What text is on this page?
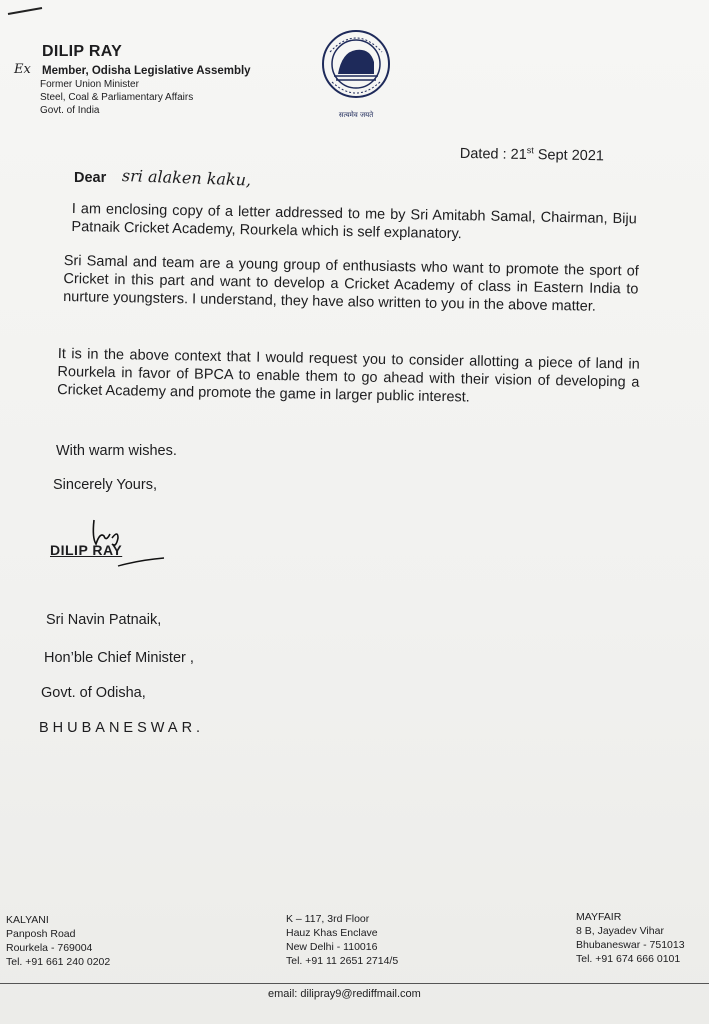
DILIP RAY
Ex Member, Odisha Legislative Assembly
Former Union Minister
Steel, Coal & Parliamentary Affairs
Govt. of India	सत्यमेव जयते
Dated : 21st Sept 2021
Dear sri alaken kaku,
I am enclosing copy of a letter addressed to me by Sri Amitabh Samal, Chairman, Biju Patnaik Cricket Academy, Rourkela which is self explanatory.
Sri Samal and team are a young group of enthusiasts who want to promote the sport of Cricket in this part and want to develop a Cricket Academy of class in Eastern India to nurture youngsters. I understand, they have also written to you in the above matter.
It is in the above context that I would request you to consider allotting a piece of land in Rourkela in favor of BPCA to enable them to go ahead with their vision of developing a Cricket Academy and promote the game in larger public interest.
With warm wishes.
Sincerely Yours,
DILIP RAY
Sri Navin Patnaik,
Hon’ble Chief Minister ,
Govt. of Odisha,
BHUBANESWAR.
KALYANI
Panposh Road
Rourkela - 769004
Tel. +91 661 240 0202
K – 117, 3rd Floor
Hauz Khas Enclave
New Delhi - 110016
Tel. +91 11 2651 2714/5
MAYFAIR
8 B, Jayadev Vihar
Bhubaneswar - 751013
Tel. +91 674 666 0101
email: dilipray9@rediffmail.com
